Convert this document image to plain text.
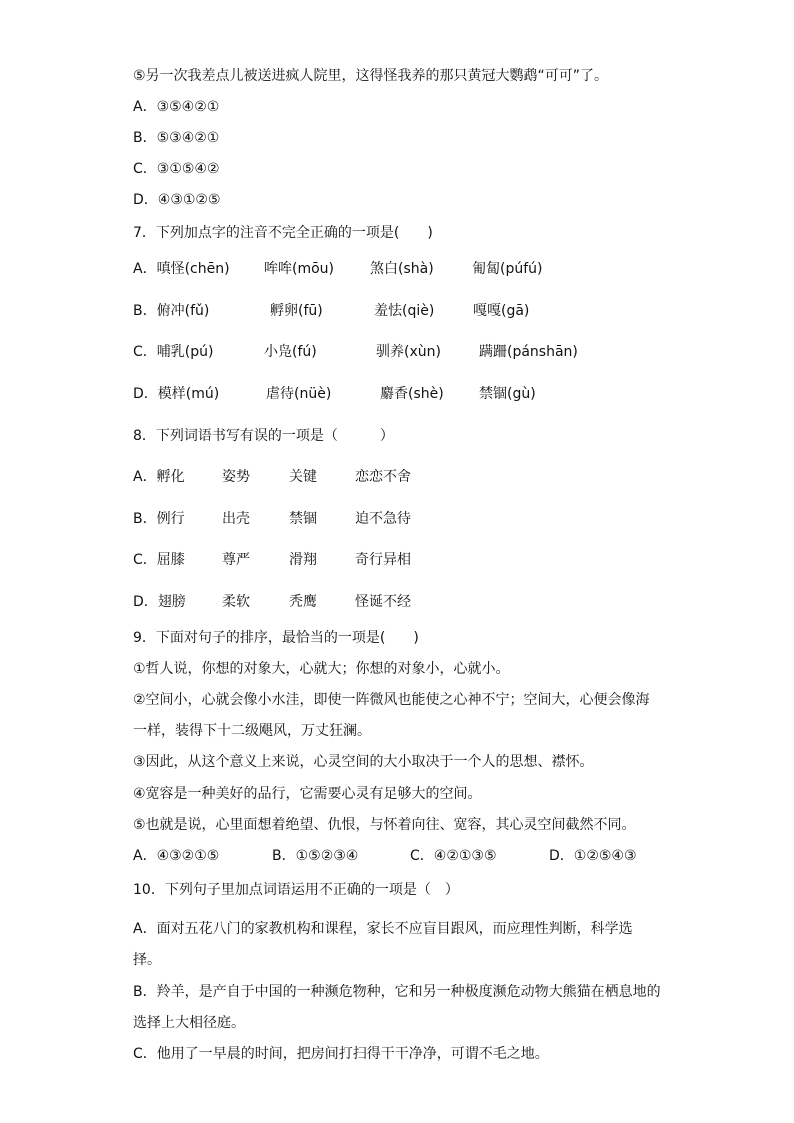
⑤另一次我差点儿被送进疯人院里，这得怪我养的那只黄冠大鹦鹉“可可”了。
A．③⑤④②①
B．⑤③④②①
C．③①⑤④②
D．④③①②⑤
7．下列加点字的注音不完全正确的一项是(　　)
A．嗔怪(chēn) 哞哞(mōu)	煞白(shà)	匍匐(púfú)
B．俯冲(fǔ)	孵卵(fū)	羞怯(qiè)	嘎嘎(gā)
C．哺乳(pú)	小凫(fú)	驯养(xùn)	蹒跚(pánshān)
D．模样(mú)	虐待(nüè)	麝香(shè)	禁锢(gù)
8．下列词语书写有误的一项是（　　　）
A．孵化	姿势	关键	恋恋不舍
B．例行	出壳	禁锢	迫不急待
C．屈膝	尊严	滑翔	奇行异相
D．翅膀	柔软	秃鹰	怪诞不经
9．下面对句子的排序，最恰当的一项是(　　)
①哲人说，你想的对象大，心就大；你想的对象小，心就小。
②空间小，心就会像小水洼，即使一阵微风也能使之心神不宁；空间大，心便会像海
一样，装得下十二级飓风，万丈狂澜。
③因此，从这个意义上来说，心灵空间的大小取决于一个人的思想、襟怀。
④宽容是一种美好的品行，它需要心灵有足够大的空间。
⑤也就是说，心里面想着绝望、仇恨，与怀着向往、宽容，其心灵空间截然不同。
A．④③②①⑤	B．①⑤②③④	C．④②①③⑤	D．①②⑤④③
10．下列句子里加点词语运用不正确的一项是（　）
A．面对五花八门的家教机构和课程，家长不应盲目跟风，而应理性判断，科学选
择。
B．羚羊，是产自于中国的一种濒危物种，它和另一种极度濒危动物大熊猫在栖息地的
选择上大相径庭。
C．他用了一早晨的时间，把房间打扫得干干净净，可谓不毛之地。
